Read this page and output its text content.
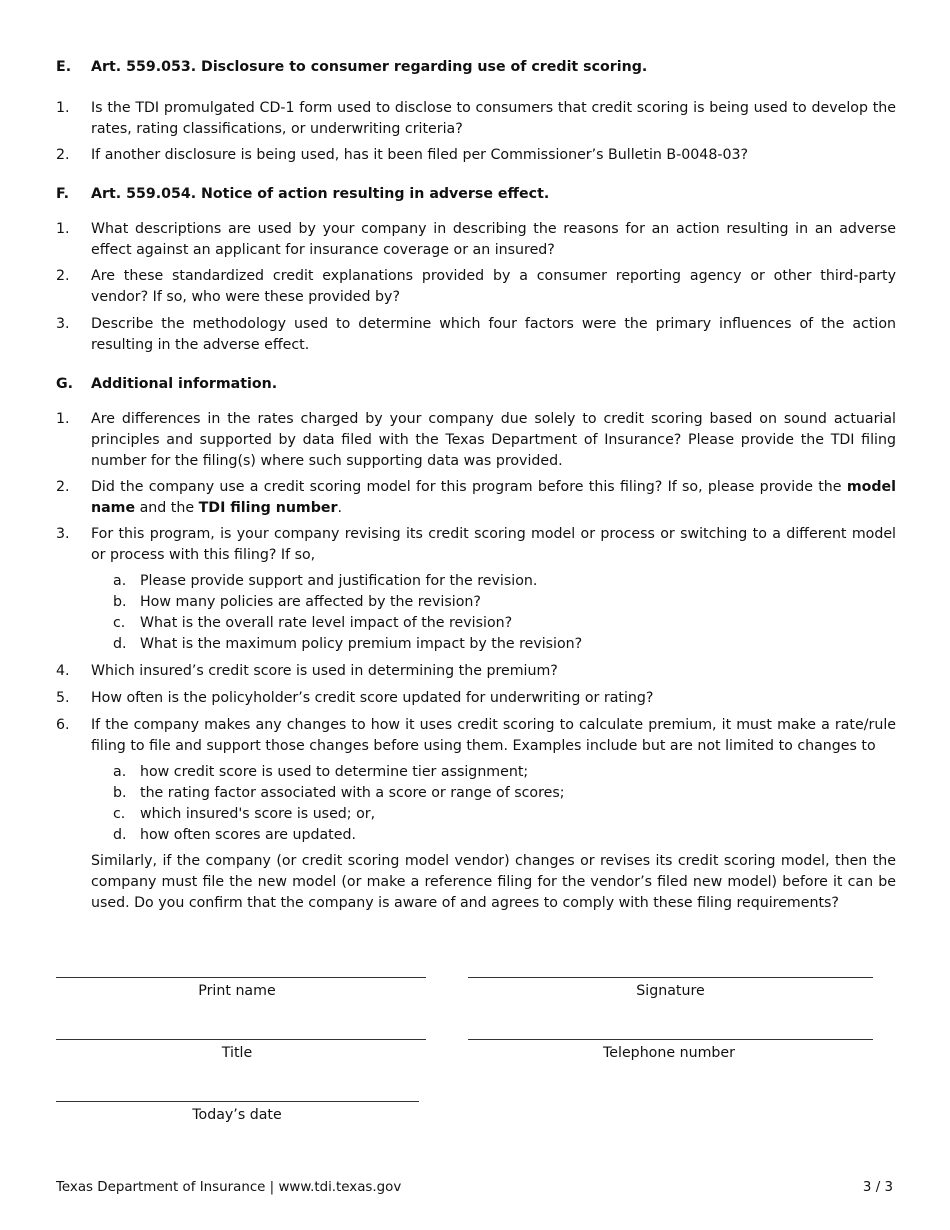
E. Art. 559.053. Disclosure to consumer regarding use of credit scoring.
1. Is the TDI promulgated CD-1 form used to disclose to consumers that credit scoring is being used to develop the rates, rating classifications, or underwriting criteria?
2. If another disclosure is being used, has it been filed per Commissioner’s Bulletin B-0048-03?
F. Art. 559.054. Notice of action resulting in adverse effect.
1. What descriptions are used by your company in describing the reasons for an action resulting in an adverse effect against an applicant for insurance coverage or an insured?
2. Are these standardized credit explanations provided by a consumer reporting agency or other third-party vendor? If so, who were these provided by?
3. Describe the methodology used to determine which four factors were the primary influences of the action resulting in the adverse effect.
G. Additional information.
1. Are differences in the rates charged by your company due solely to credit scoring based on sound actuarial principles and supported by data filed with the Texas Department of Insurance? Please provide the TDI filing number for the filing(s) where such supporting data was provided.
2. Did the company use a credit scoring model for this program before this filing? If so, please provide the model name and the TDI filing number.
3. For this program, is your company revising its credit scoring model or process or switching to a different model or process with this filing? If so,
a. Please provide support and justification for the revision.
b. How many policies are affected by the revision?
c. What is the overall rate level impact of the revision?
d. What is the maximum policy premium impact by the revision?
4. Which insured’s credit score is used in determining the premium?
5. How often is the policyholder’s credit score updated for underwriting or rating?
6. If the company makes any changes to how it uses credit scoring to calculate premium, it must make a rate/rule filing to file and support those changes before using them. Examples include but are not limited to changes to
a. how credit score is used to determine tier assignment;
b. the rating factor associated with a score or range of scores;
c. which insured's score is used; or,
d. how often scores are updated.
Similarly, if the company (or credit scoring model vendor) changes or revises its credit scoring model, then the company must file the new model (or make a reference filing for the vendor’s filed new model) before it can be used. Do you confirm that the company is aware of and agrees to comply with these filing requirements?
Print name	Signature
Title	Telephone number
Today’s date
Texas Department of Insurance | www.tdi.texas.gov	3 / 3
